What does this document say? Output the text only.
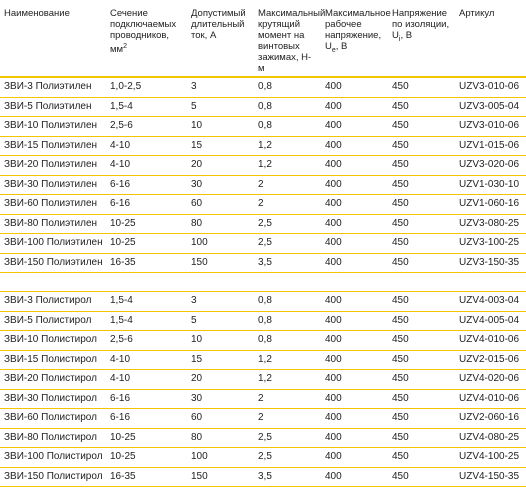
Наименование	Сечение подключаемых проводников, $мм^2$	Допустимый длительный ток, А	Максимальный крутящий момент на винтовых зажимах, Н-м	Максимальное рабочее напряжение, $U_е$, В	Напряжение по изоляции, $U_i$, В	Артикул
ЗВИ-3 Полиэтилен	1,0-2,5	3	0,8	400	450	UZV3-010-06
ЗВИ-5 Полиэтилен	1,5-4	5	0,8	400	450	UZV3-005-04
ЗВИ-10 Полиэтилен	2,5-6	10	0,8	400	450	UZV3-010-06
ЗВИ-15 Полиэтилен	4-10	15	1,2	400	450	UZV1-015-06
ЗВИ-20 Полиэтилен	4-10	20	1,2	400	450	UZV3-020-06
ЗВИ-30 Полиэтилен	6-16	30	2	400	450	UZV1-030-10
ЗВИ-60 Полиэтилен	6-16	60	2	400	450	UZV1-060-16
ЗВИ-80 Полиэтилен	10-25	80	2,5	400	450	UZV3-080-25
ЗВИ-100 Полиэтилен	10-25	100	2,5	400	450	UZV3-100-25
ЗВИ-150 Полиэтилен	16-35	150	3,5	400	450	UZV3-150-35

ЗВИ-3 Полистирол	1,5-4	3	0,8	400	450	UZV4-003-04
ЗВИ-5 Полистирол	1,5-4	5	0,8	400	450	UZV4-005-04
ЗВИ-10 Полистирол	2,5-6	10	0,8	400	450	UZV4-010-06
ЗВИ-15 Полистирол	4-10	15	1,2	400	450	UZV2-015-06
ЗВИ-20 Полистирол	4-10	20	1,2	400	450	UZV4-020-06
ЗВИ-30 Полистирол	6-16	30	2	400	450	UZV4-010-06
ЗВИ-60 Полистирол	6-16	60	2	400	450	UZV2-060-16
ЗВИ-80 Полистирол	10-25	80	2,5	400	450	UZV4-080-25
ЗВИ-100 Полистирол	10-25	100	2,5	400	450	UZV4-100-25
ЗВИ-150 Полистирол	16-35	150	3,5	400	450	UZV4-150-35
